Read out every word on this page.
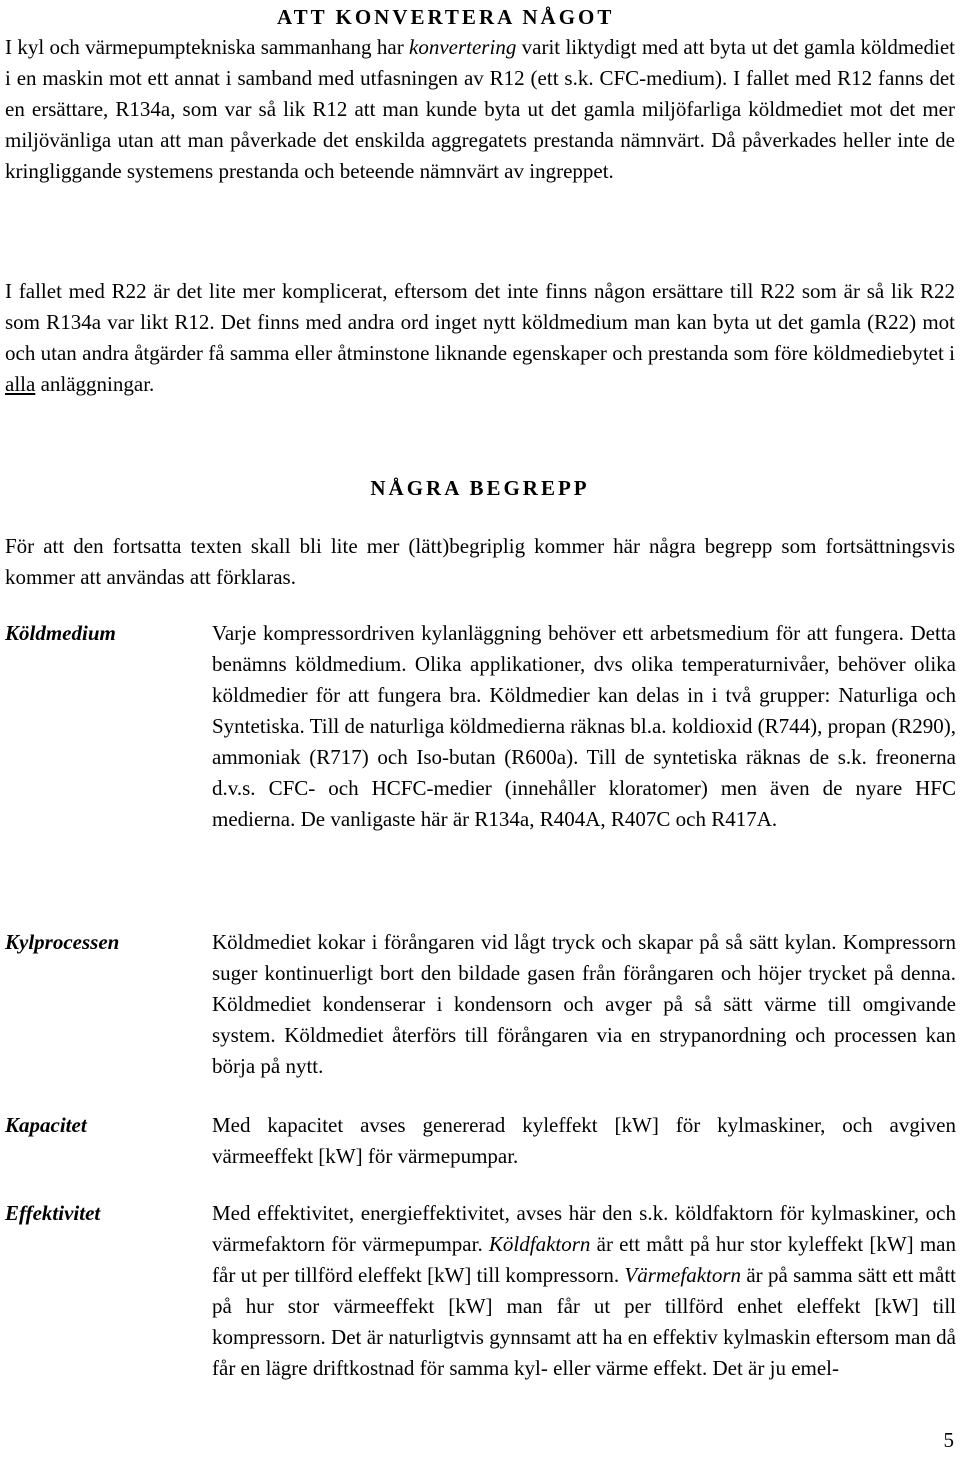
ATT KONVERTERA NÅGOT

I kyl och värmepumptekniska sammanhang har konvertering varit liktydigt med att byta ut det gamla köldmediet i en maskin mot ett annat i samband med utfasningen av R12 (ett s.k. CFC-medium). I fallet med R12 fanns det en ersättare, R134a, som var så lik R12 att man kunde byta ut det gamla miljöfarliga köldmediet mot det mer miljövänliga utan att man påverkade det enskilda aggregatets prestanda nämnvärt. Då påverkades heller inte de kringliggande systemens prestanda och beteende nämnvärt av ingreppet.

I fallet med R22 är det lite mer komplicerat, eftersom det inte finns någon ersättare till R22 som är så lik R22 som R134a var likt R12. Det finns med andra ord inget nytt köldmedium man kan byta ut det gamla (R22) mot och utan andra åtgärder få samma eller åtminstone liknande egenskaper och prestanda som före köldmediebytet i alla anläggningar.

NÅGRA BEGREPP

För att den fortsatta texten skall bli lite mer (lätt)begriplig kommer här några begrepp som fortsättningsvis kommer att användas att förklaras.

Köldmedium	Varje kompressordriven kylanläggning behöver ett arbetsmedium för att fungera. Detta benämns köldmedium. Olika applikationer, dvs olika temperaturnivåer, behöver olika köldmedier för att fungera bra. Köldmedier kan delas in i två grupper: Naturliga och Syntetiska. Till de naturliga köldmedierna räknas bl.a. koldioxid (R744), propan (R290), ammoniak (R717) och Iso-butan (R600a). Till de syntetiska räknas de s.k. freonerna d.v.s. CFC- och HCFC-medier (innehåller kloratomer) men även de nyare HFC medierna. De vanligaste här är R134a, R404A, R407C och R417A.

Kylprocessen	Köldmediet kokar i förångaren vid lågt tryck och skapar på så sätt kylan. Kompressorn suger kontinuerligt bort den bildade gasen från förångaren och höjer trycket på denna. Köldmediet kondenserar i kondensorn och avger på så sätt värme till omgivande system. Köldmediet återförs till förångaren via en strypanordning och processen kan börja på nytt.

Kapacitet	Med kapacitet avses genererad kyleffekt [kW] för kylmaskiner, och avgiven värmeeffekt [kW] för värmepumpar.

Effektivitet	Med effektivitet, energieffektivitet, avses här den s.k. köldfaktorn för kylmaskiner, och värmefaktorn för värmepumpar. Köldfaktorn är ett mått på hur stor kyleffekt [kW] man får ut per tillförd eleffekt [kW] till kompressorn. Värmefaktorn är på samma sätt ett mått på hur stor värmeeffekt [kW] man får ut per tillförd enhet eleffekt [kW] till kompressorn. Det är naturligtvis gynnsamt att ha en effektiv kylmaskin eftersom man då får en lägre driftkostnad för samma kyl- eller värme effekt. Det är ju emel-

5
